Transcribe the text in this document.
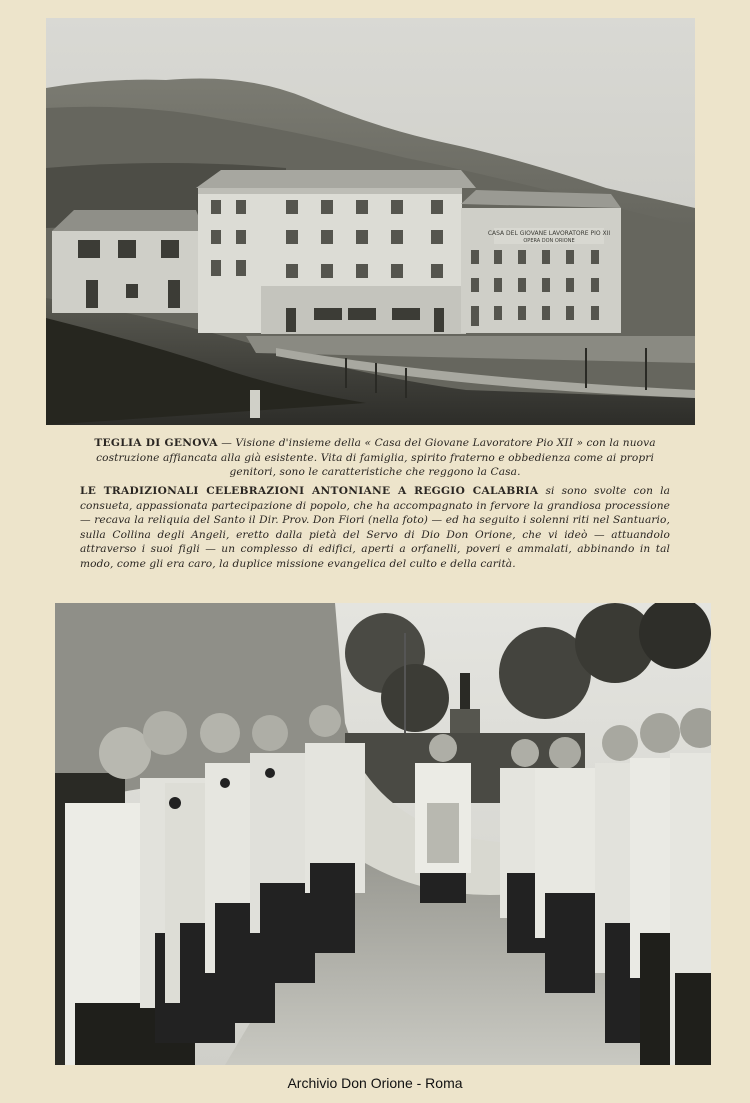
CASA DEL GIOVANE LAVORATORE PIO XII
OPERA DON ORIONE
TEGLIA DI GENOVA — Visione d'insieme della « Casa del Giovane Lavoratore Pio XII » con la nuova costruzione affiancata alla già esistente. Vita di famiglia, spirito fraterno e obbedienza come ai propri genitori, sono le caratteristiche che reggono la Casa.
LE TRADIZIONALI CELEBRAZIONI ANTONIANE A REGGIO CALABRIA si sono svolte con la consueta, appassionata partecipazione di popolo, che ha accompagnato in fervore la grandiosa processione — recava la reliquia del Santo il Dir. Prov. Don Fiori (nella foto) — ed ha seguito i solenni riti nel Santuario, sulla Collina degli Angeli, eretto dalla pietà del Servo di Dio Don Orione, che vi ideò — attuandolo attraverso i suoi figli — un complesso di edifici, aperti a orfanelli, poveri e ammalati, abbinando in tal modo, come gli era caro, la duplice missione evangelica del culto e della carità.
Archivio Don Orione - Roma
